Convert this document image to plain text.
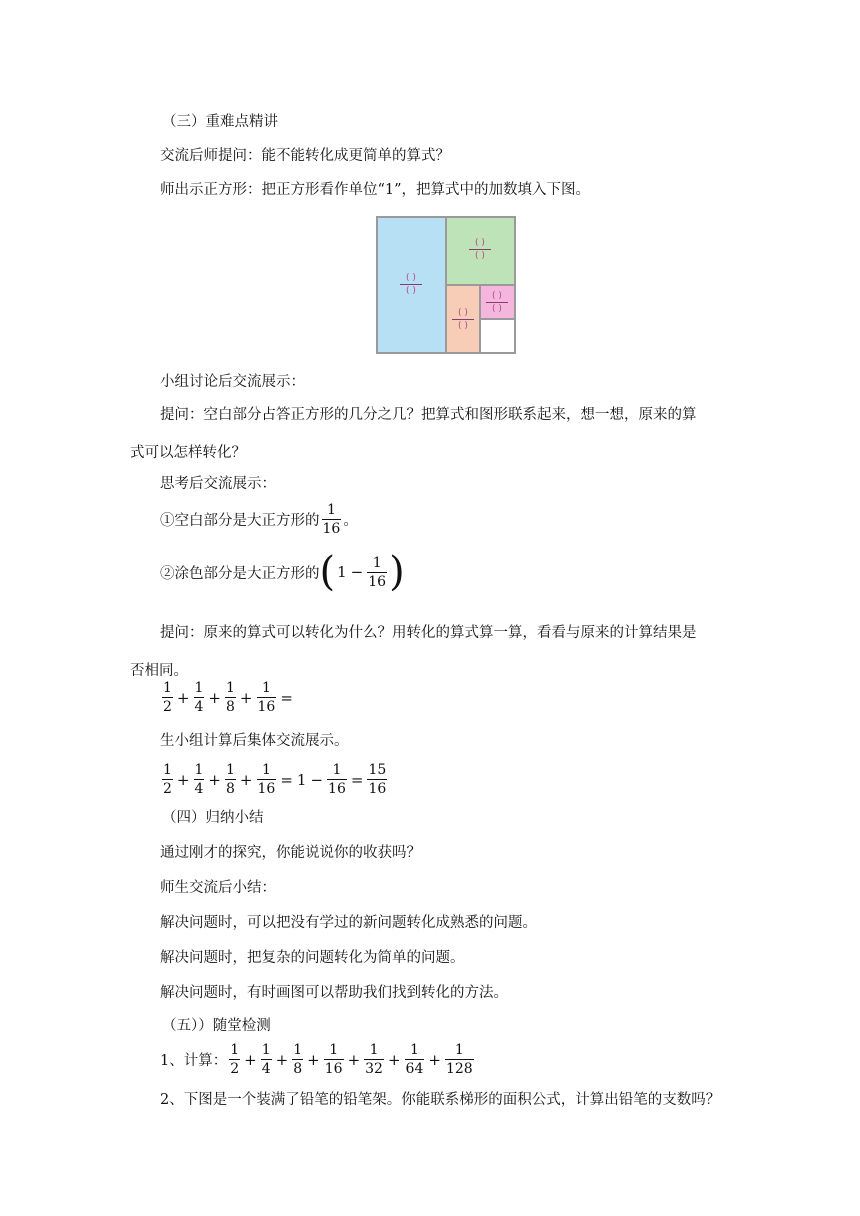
（三）重难点精讲
交流后师提问：能不能转化成更简单的算式？
师出示正方形：把正方形看作单位“1”，把算式中的加数填入下图。
( )
( )
( )
( )
( )
( )
( )
( )
小组讨论后交流展示：
提问：空白部分占答正方形的几分之几？把算式和图形联系起来，想一想，原来的算式可以怎样转化？
思考后交流展示：
①空白部分是大正方形的 $\frac{1}{16}$ 。
②涂色部分是大正方形的 ( $1 - \frac{1}{16}$ )
提问：原来的算式可以转化为什么？用转化的算式算一算，看看与原来的计算结果是否相同。
$\frac{1}{2} + \frac{1}{4} + \frac{1}{8} + \frac{1}{16}$ =
生小组计算后集体交流展示。
$\frac{1}{2} + \frac{1}{4} + \frac{1}{8} + \frac{1}{16} = 1 - \frac{1}{16} = \frac{15}{16}$
（四）归纳小结
通过刚才的探究，你能说说你的收获吗？
师生交流后小结：
解决问题时，可以把没有学过的新问题转化成熟悉的问题。
解决问题时，把复杂的问题转化为简单的问题。
解决问题时，有时画图可以帮助我们找到转化的方法。
（五））随堂检测
1、计算： $\frac{1}{2} + \frac{1}{4} + \frac{1}{8} + \frac{1}{16} + \frac{1}{32} + \frac{1}{64} + \frac{1}{128}$
2、下图是一个装满了铅笔的铅笔架。你能联系梯形的面积公式，计算出铅笔的支数吗？
